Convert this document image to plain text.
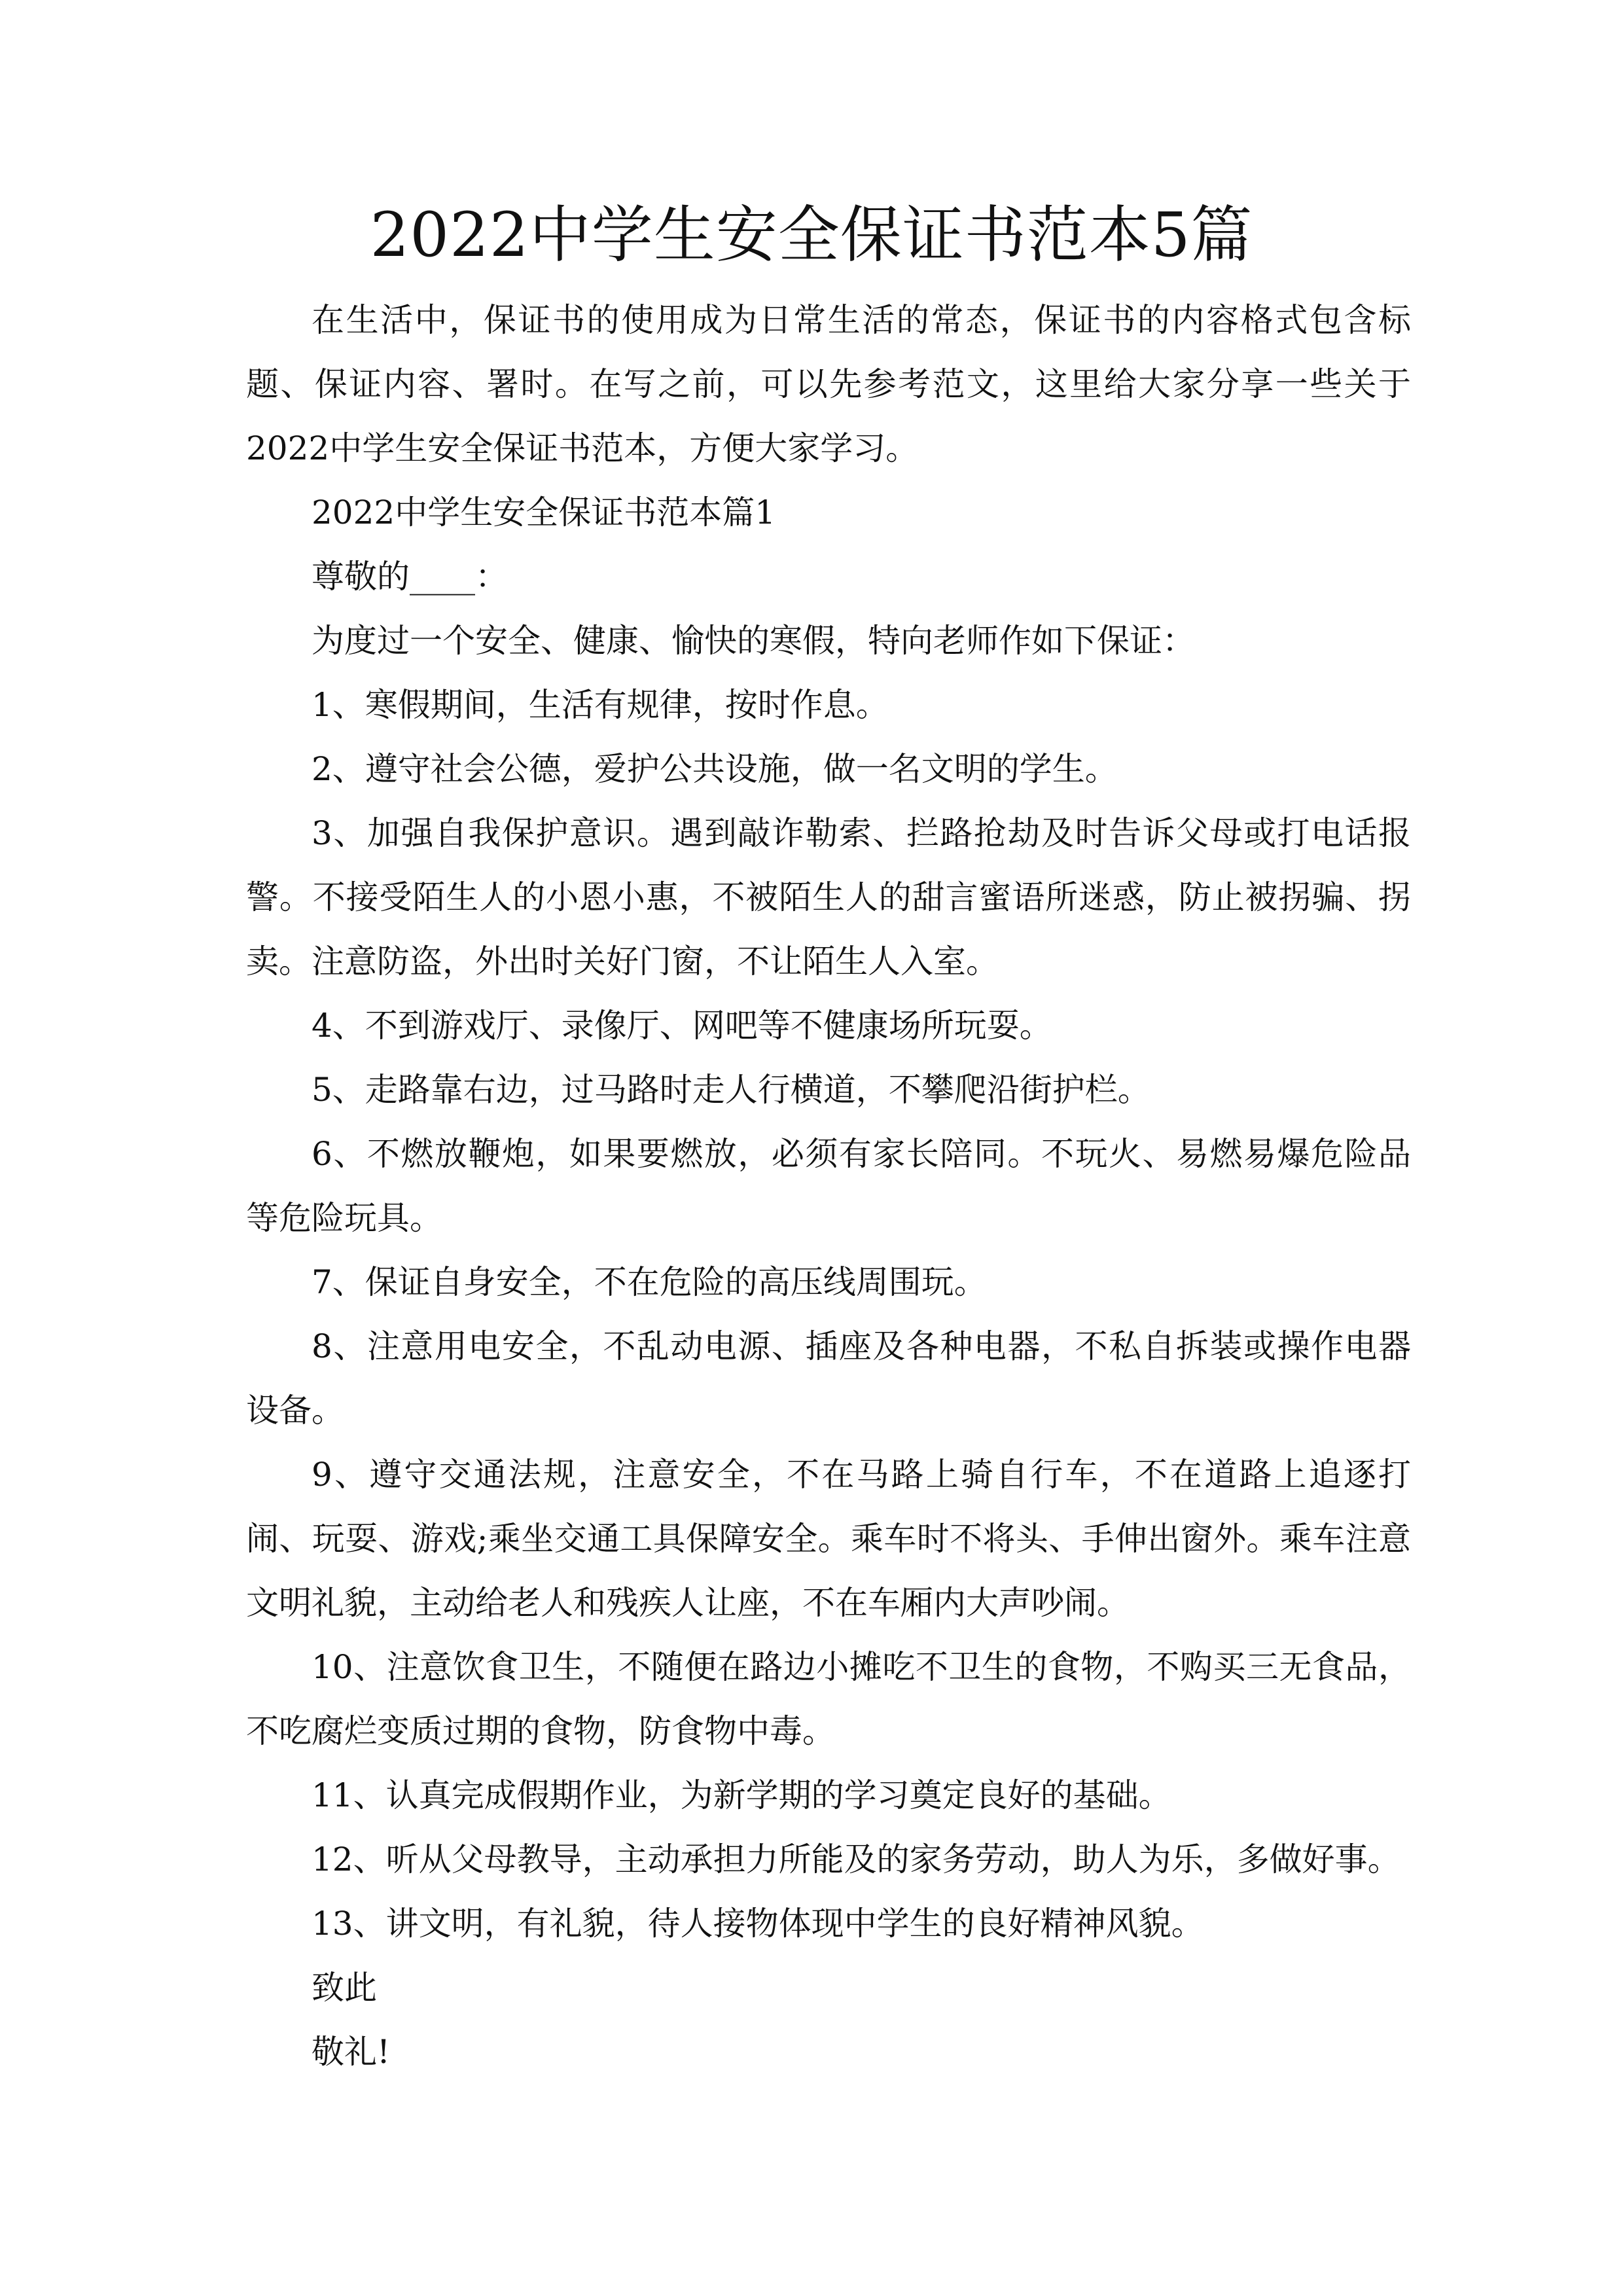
2022中学生安全保证书范本5篇

在生活中，保证书的使用成为日常生活的常态，保证书的内容格式包含标题、保证内容、署时。在写之前，可以先参考范文，这里给大家分享一些关于2022中学生安全保证书范本，方便大家学习。

2022中学生安全保证书范本篇1

尊敬的____：

为度过一个安全、健康、愉快的寒假，特向老师作如下保证：

1、寒假期间，生活有规律，按时作息。

2、遵守社会公德，爱护公共设施，做一名文明的学生。

3、加强自我保护意识。遇到敲诈勒索、拦路抢劫及时告诉父母或打电话报警。不接受陌生人的小恩小惠，不被陌生人的甜言蜜语所迷惑，防止被拐骗、拐卖。注意防盗，外出时关好门窗，不让陌生人入室。

4、不到游戏厅、录像厅、网吧等不健康场所玩耍。

5、走路靠右边，过马路时走人行横道，不攀爬沿街护栏。

6、不燃放鞭炮，如果要燃放，必须有家长陪同。不玩火、易燃易爆危险品等危险玩具。

7、保证自身安全，不在危险的高压线周围玩。

8、注意用电安全，不乱动电源、插座及各种电器，不私自拆装或操作电器设备。

9、遵守交通法规，注意安全，不在马路上骑自行车，不在道路上追逐打闹、玩耍、游戏;乘坐交通工具保障安全。乘车时不将头、手伸出窗外。乘车注意文明礼貌，主动给老人和残疾人让座，不在车厢内大声吵闹。

10、注意饮食卫生，不随便在路边小摊吃不卫生的食物，不购买三无食品，不吃腐烂变质过期的食物，防食物中毒。

11、认真完成假期作业，为新学期的学习奠定良好的基础。

12、听从父母教导，主动承担力所能及的家务劳动，助人为乐，多做好事。

13、讲文明，有礼貌，待人接物体现中学生的良好精神风貌。

致此

敬礼!
